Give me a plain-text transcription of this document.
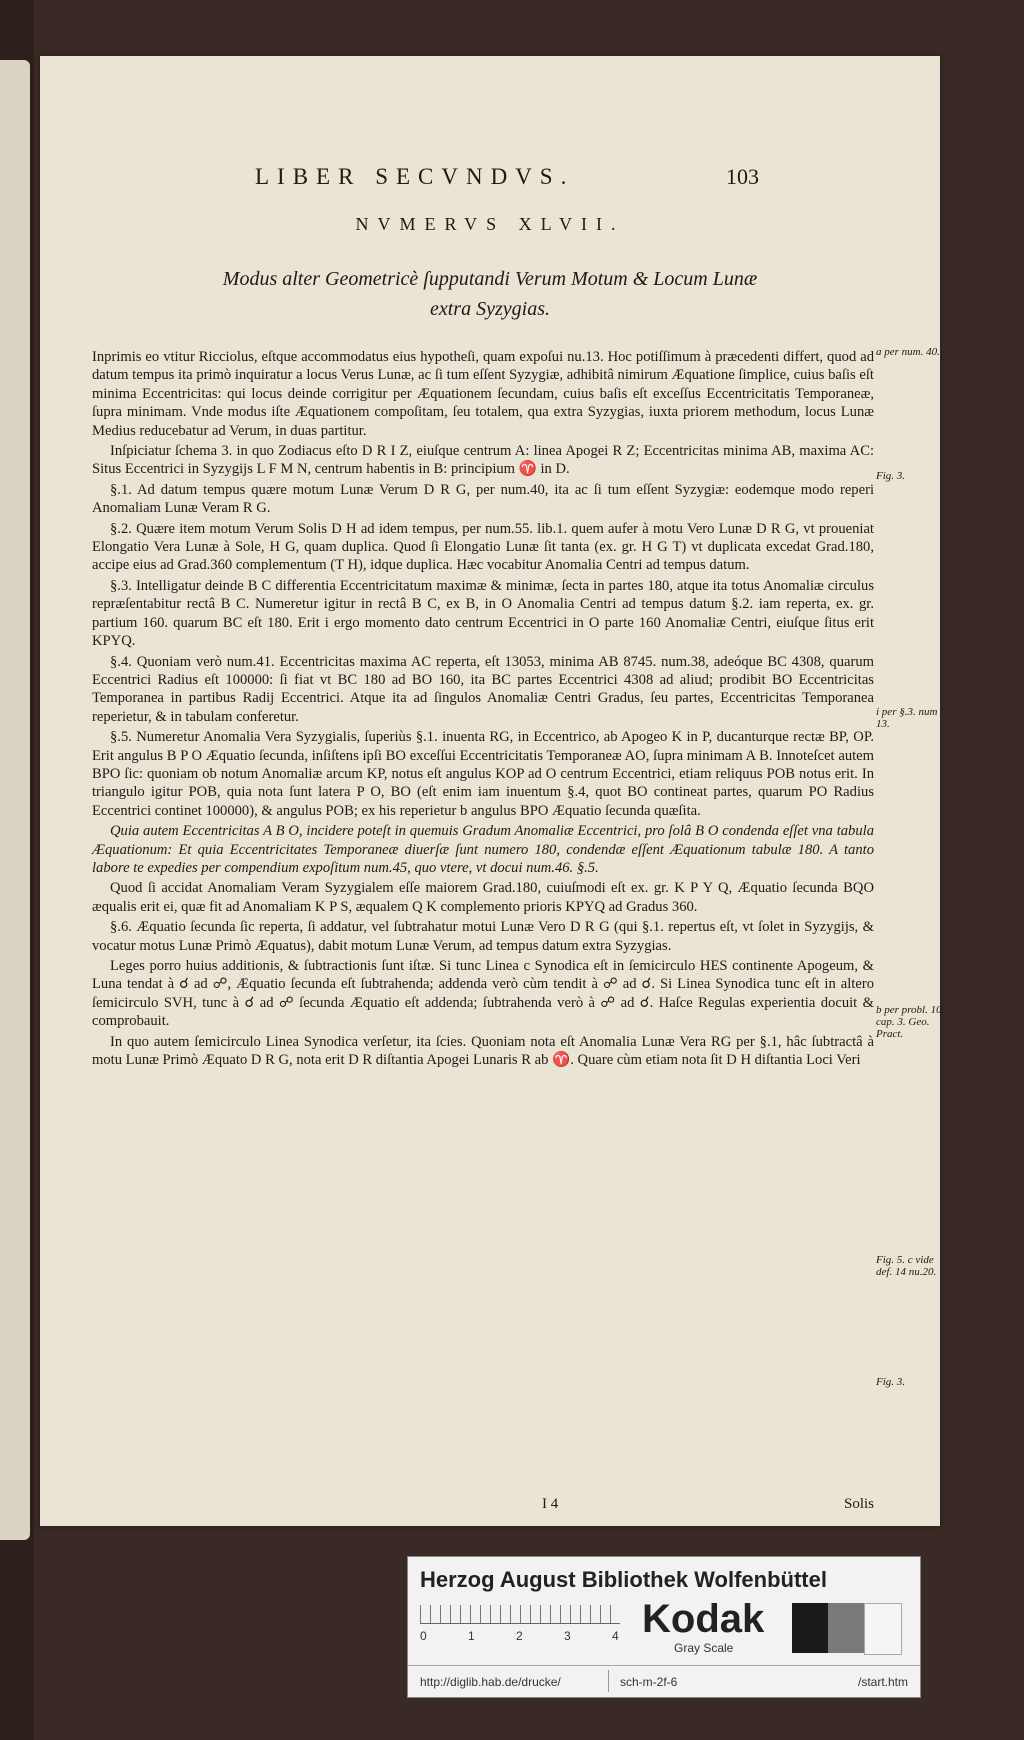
LIBER SECVNDVS.	103
NVMERVS XLVII.
Modus alter Geometricè ſupputandi Verum Motum & Locum Lunæ
extra Syzygias.

Inprimis eo vtitur Ricciolus, eſtque accommodatus eius hypotheſi, quam expoſui nu.13. Hoc potiſſimum à præcedenti differt, quod ad datum tempus ita primò inquiratur a locus Verus Lunæ, ac ſi tum eſſent Syzygiæ, adhibitâ nimirum Æquatione ſimplice, cuius baſis eſt minima Eccentricitas: qui locus deinde corrigitur per Æquationem ſecundam, cuius baſis eſt exceſſus Eccentricitatis Temporaneæ, ſupra minimam. Vnde modus iſte Æquationem compoſitam, ſeu totalem, qua extra Syzygias, iuxta priorem methodum, locus Lunæ Medius reducebatur ad Verum, in duas partitur.

Inſpiciatur ſchema 3. in quo Zodiacus eſto D R I Z, eiuſque centrum A: linea Apogei R Z; Eccentricitas minima AB, maxima AC: Situs Eccentrici in Syzygijs L F M N, centrum habentis in B: principium ♈ in D.

§.1. Ad datum tempus quære motum Lunæ Verum D R G, per num.40, ita ac ſi tum eſſent Syzygiæ: eodemque modo reperi Anomaliam Lunæ Veram R G.

§.2. Quære item motum Verum Solis D H ad idem tempus, per num.55. lib.1. quem aufer à motu Vero Lunæ D R G, vt proueniat Elongatio Vera Lunæ à Sole, H G, quam duplica. Quod ſi Elongatio Lunæ ſit tanta (ex. gr. H G T) vt duplicata excedat Grad.180, accipe eius ad Grad.360 complementum (T H), idque duplica. Hæc vocabitur Anomalia Centri ad tempus datum.

§.3. Intelligatur deinde B C differentia Eccentricitatum maximæ & minimæ, ſecta in partes 180, atque ita totus Anomaliæ circulus repræſentabitur rectâ B C. Numeretur igitur in rectâ B C, ex B, in O Anomalia Centri ad tempus datum §.2. iam reperta, ex. gr. partium 160. quarum BC eſt 180. Erit i ergo momento dato centrum Eccentrici in O parte 160 Anomaliæ Centri, eiuſque ſitus erit KPYQ.

§.4. Quoniam verò num.41. Eccentricitas maxima AC reperta, eſt 13053, minima AB 8745. num.38, adeóque BC 4308, quarum Eccentrici Radius eſt 100000: ſi fiat vt BC 180 ad BO 160, ita BC partes Eccentrici 4308 ad aliud; prodibit BO Eccentricitas Temporanea in partibus Radij Eccentrici. Atque ita ad ſingulos Anomaliæ Centri Gradus, ſeu partes, Eccentricitas Temporanea reperietur, & in tabulam conferetur.

§.5. Numeretur Anomalia Vera Syzygialis, ſuperiùs §.1. inuenta RG, in Eccentrico, ab Apogeo K in P, ducanturque rectæ BP, OP. Erit angulus B P O Æquatio ſecunda, inſiſtens ipſi BO exceſſui Eccentricitatis Temporaneæ AO, ſupra minimam A B. Innoteſcet autem BPO ſic: quoniam ob notum Anomaliæ arcum KP, notus eſt angulus KOP ad O centrum Eccentrici, etiam reliquus POB notus erit. In triangulo igitur POB, quia nota ſunt latera P O, BO (eſt enim iam inuentum §.4, quot BO contineat partes, quarum PO Radius Eccentrici continet 100000), & angulus POB; ex his reperietur b angulus BPO Æquatio ſecunda quæſita.

Quia autem Eccentricitas A B O, incidere poteſt in quemuis Gradum Anomaliæ Eccentrici, pro ſolâ B O condenda eſſet vna tabula Æquationum: Et quia Eccentricitates Temporaneæ diuerſæ ſunt numero 180, condendæ eſſent Æquationum tabulæ 180. A tanto labore te expedies per compendium expoſitum num.45, quo vtere, vt docui num.46. §.5.

Quod ſi accidat Anomaliam Veram Syzygialem eſſe maiorem Grad.180, cuiuſmodi eſt ex. gr. K P Y Q, Æquatio ſecunda BQO æqualis erit ei, quæ fit ad Anomaliam K P S, æqualem Q K complemento prioris KPYQ ad Gradus 360.

§.6. Æquatio ſecunda ſic reperta, ſi addatur, vel ſubtrahatur motui Lunæ Vero D R G (qui §.1. repertus eſt, vt ſolet in Syzygijs, & vocatur motus Lunæ Primò Æquatus), dabit motum Lunæ Verum, ad tempus datum extra Syzygias.

Leges porro huius additionis, & ſubtractionis ſunt iſtæ. Si tunc Linea c Synodica eſt in ſemicirculo HES continente Apogeum, & Luna tendat à ☌ ad ☍, Æquatio ſecunda eſt ſubtrahenda; addenda verò cùm tendit à ☍ ad ☌. Si Linea Synodica tunc eſt in altero ſemicirculo SVH, tunc à ☌ ad ☍ ſecunda Æquatio eſt addenda; ſubtrahenda verò à ☍ ad ☌. Haſce Regulas experientia docuit & comprobauit.

In quo autem ſemicirculo Linea Synodica verſetur, ita ſcies. Quoniam nota eſt Anomalia Lunæ Vera RG per §.1, hâc ſubtractâ à motu Lunæ Primò Æquato D R G, nota erit D R diſtantia Apogei Lunaris R ab ♈. Quare cùm etiam nota ſit D H diſtantia Loci Veri

a per num. 40.
Fig. 3.
i per §.3. num 13.
b per probl. 10. cap. 3. Geo. Pract.
Fig. 5. c vide def. 14 nu.20.
Fig. 3.
I 4	Solis
Herzog August Bibliothek Wolfenbüttel
0	1	2	3	4 Kodak
Gray Scale
http://diglib.hab.de/drucke/	sch-m-2f-6	/start.htm
